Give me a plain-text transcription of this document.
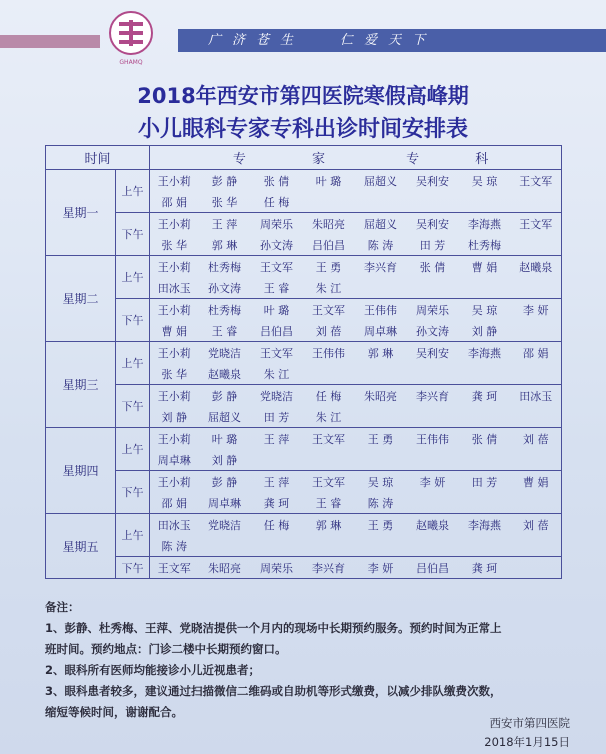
GHAMQ
广 济 苍 生	仁 爱 天 下
2018年西安市第四医院寒假高峰期
小儿眼科专家专科出诊时间安排表
时间		专 家 专 科							
星期一	上午	王小莉	彭 静	张 倩	叶 璐	屈超义	吴利安	吴 琼	王文军
		邵 娟	张 华	任 梅					
	下午	王小莉	王 萍	周荣乐	朱昭亮	屈超义	吴利安	李海燕	王文军
		张 华	郭 琳	孙文涛	吕伯昌	陈 涛	田 芳	杜秀梅	
星期二	上午	王小莉	杜秀梅	王文军	王 勇	李兴育	张 倩	曹 娟	赵曦泉
		田冰玉	孙文涛	王 睿	朱 江				
	下午	王小莉	杜秀梅	叶 璐	王文军	王伟伟	周荣乐	吴 琼	李 妍
		曹 娟	王 睿	吕伯昌	刘 蓓	周卓琳	孙文涛	刘 静	
星期三	上午	王小莉	党晓洁	王文军	王伟伟	郭 琳	吴利安	李海燕	邵 娟
		张 华	赵曦泉	朱 江					
	下午	王小莉	彭 静	党晓洁	任 梅	朱昭亮	李兴育	龚 珂	田冰玉
		刘 静	屈超义	田 芳	朱 江				
星期四	上午	王小莉	叶 璐	王 萍	王文军	王 勇	王伟伟	张 倩	刘 蓓
		周卓琳	刘 静						
	下午	王小莉	彭 静	王 萍	王文军	吴 琼	李 妍	田 芳	曹 娟
		邵 娟	周卓琳	龚 珂	王 睿	陈 涛			
星期五	上午	田冰玉	党晓洁	任 梅	郭 琳	王 勇	赵曦泉	李海燕	刘 蓓
		陈 涛							
	下午	王文军	朱昭亮	周荣乐	李兴育	李 妍	吕伯昌	龚 珂	

备注：

1、彭静、杜秀梅、王萍、党晓洁提供一个月内的现场中长期预约服务。预约时间为正常上

班时间。预约地点：门诊二楼中长期预约窗口。

2、眼科所有医师均能接诊小儿近视患者；

3、眼科患者较多，建议通过扫描微信二维码或自助机等形式缴费，以减少排队缴费次数，

缩短等候时间，谢谢配合。

西安市第四医院
2018年1月15日
